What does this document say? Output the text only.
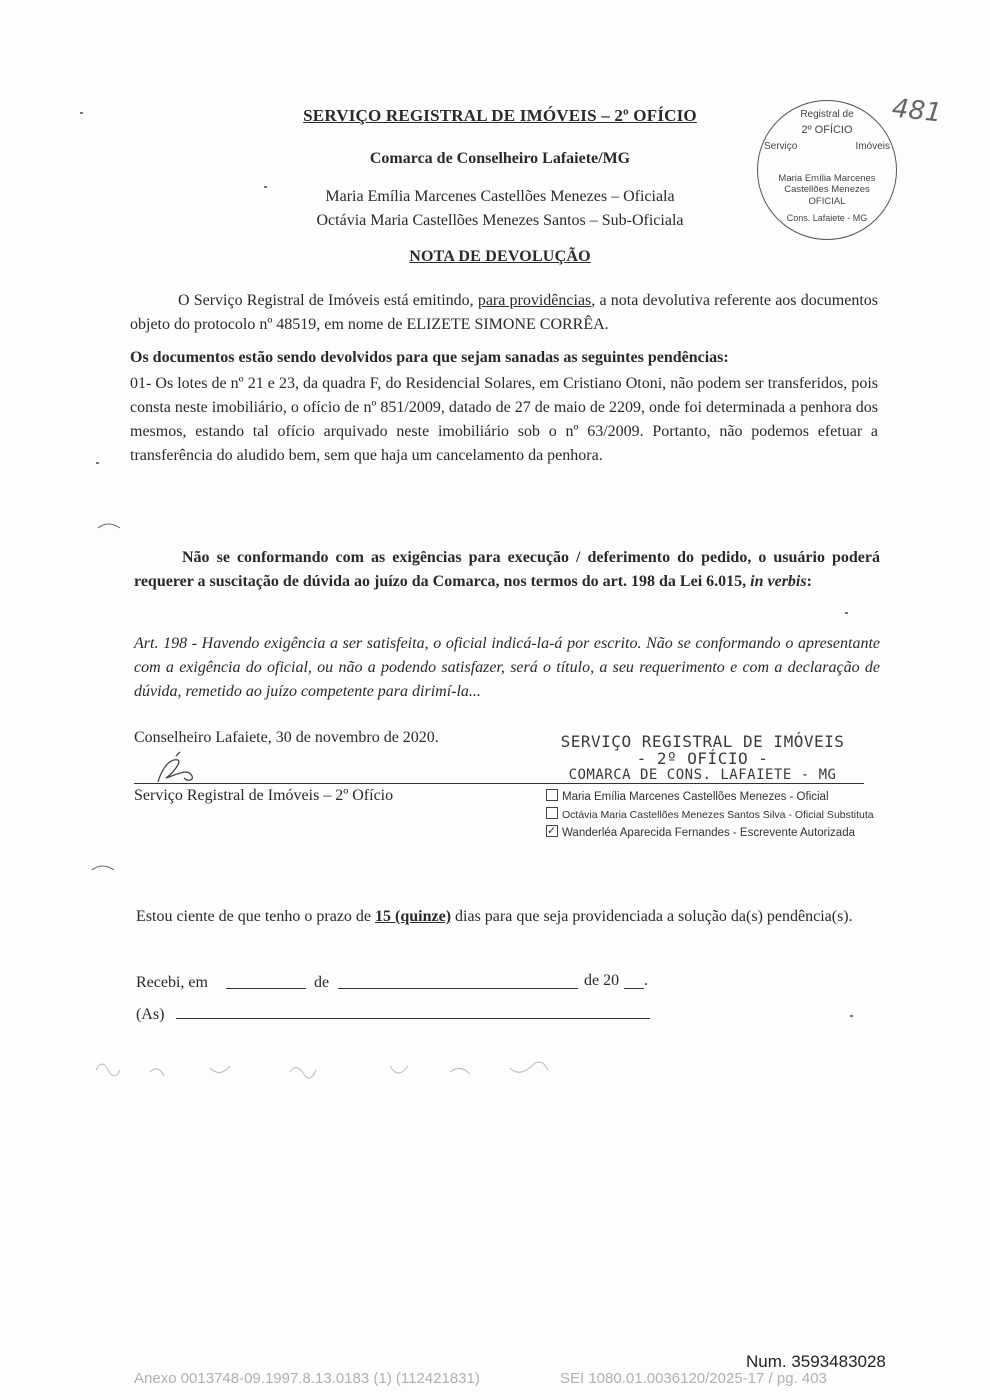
SERVIÇO REGISTRAL DE IMÓVEIS – 2º OFÍCIO
Comarca de Conselheiro Lafaiete/MG
Maria Emília Marcenes Castellões Menezes – Oficiala
Octávia Maria Castellões Menezes Santos – Sub-Oficiala
Registral de
2º OFÍCIO
Imóveis
Serviço
Maria Emília Marcenes
Castellões Menezes
OFICIAL
Cons. Lafaiete - MG
481
NOTA DE DEVOLUÇÃO
O Serviço Registral de Imóveis está emitindo, para providências, a nota devolutiva referente aos documentos objeto do protocolo nº 48519, em nome de ELIZETE SIMONE CORRÊA.
Os documentos estão sendo devolvidos para que sejam sanadas as seguintes pendências:
01- Os lotes de nº 21 e 23, da quadra F, do Residencial Solares, em Cristiano Otoni, não podem ser transferidos, pois consta neste imobiliário, o ofício de nº 851/2009, datado de 27 de maio de 2209, onde foi determinada a penhora dos mesmos, estando tal ofício arquivado neste imobiliário sob o nº 63/2009. Portanto, não podemos efetuar a transferência do aludido bem, sem que haja um cancelamento da penhora.
Não se conformando com as exigências para execução / deferimento do pedido, o usuário poderá requerer a suscitação de dúvida ao juízo da Comarca, nos termos do art. 198 da Lei 6.015, in verbis:
Art. 198 - Havendo exigência a ser satisfeita, o oficial indicá-la-á por escrito. Não se conformando o apresentante com a exigência do oficial, ou não a podendo satisfazer, será o título, a seu requerimento e com a declaração de dúvida, remetido ao juízo competente para dirimí-la...
Conselheiro Lafaiete, 30 de novembro de 2020.
Serviço Registral de Imóveis – 2º Ofício
SERVIÇO REGISTRAL DE IMÓVEIS
- 2º OFÍCIO -
COMARCA DE CONS. LAFAIETE - MG
Maria Emília Marcenes Castellões Menezes - Oficial
Octávia Maria Castellões Menezes Santos Silva - Oficial Substituta
✓Wanderléa Aparecida Fernandes - Escrevente Autorizada
Estou ciente de que tenho o prazo de 15 (quinze) dias para que seja providenciada a solução da(s) pendência(s).
Recebi, em	de	de 20 .
(As)
Num. 3593483028
Anexo 0013748-09.1997.8.13.0183 (1) (112421831)	SEI 1080.01.0036120/2025-17 / pg. 403
